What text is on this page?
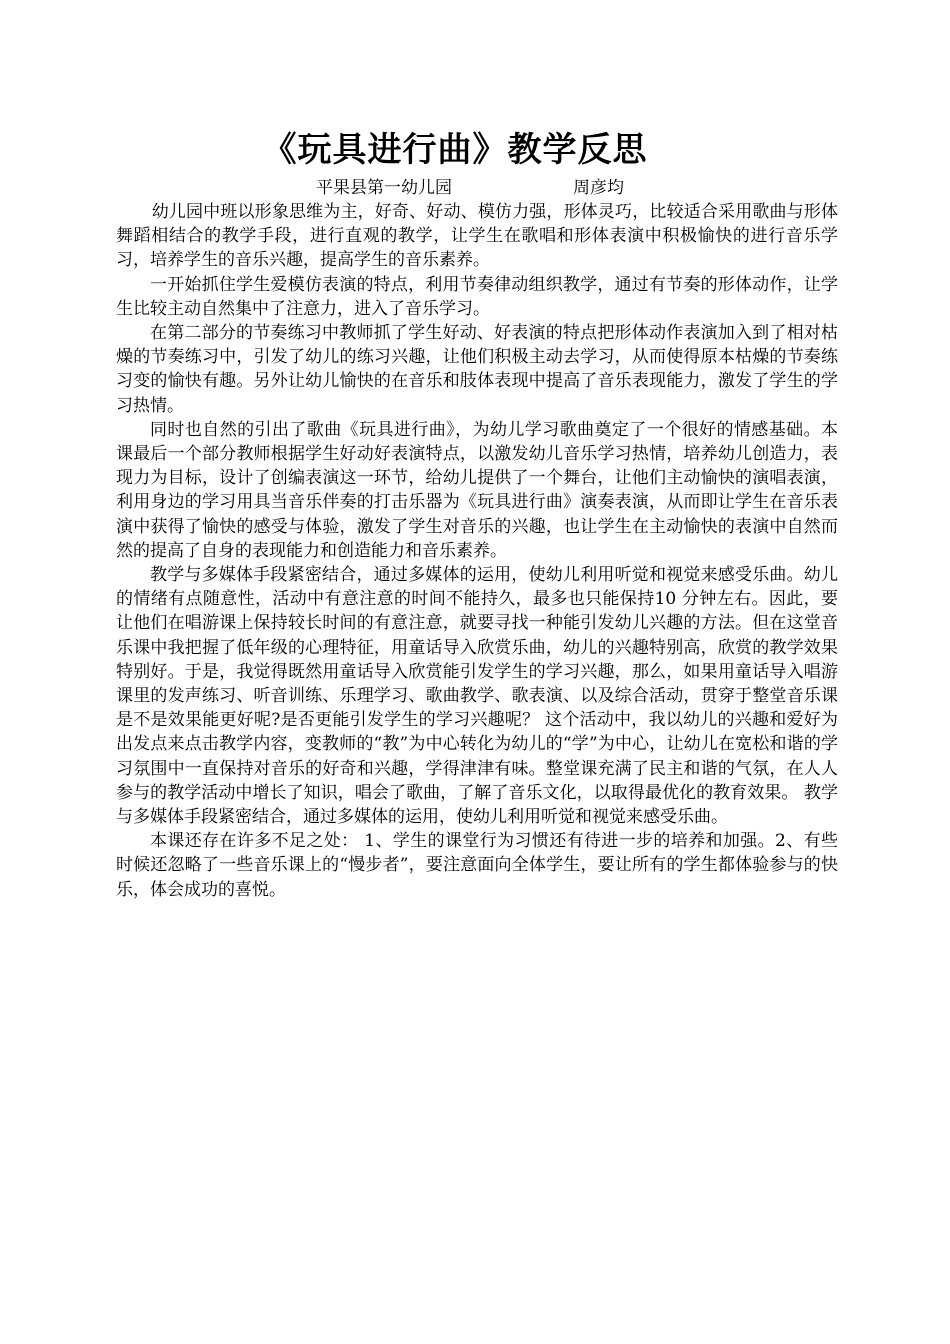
《玩具进行曲》教学反思
平果县第一幼儿园	周彦均

幼儿园中班以形象思维为主，好奇、好动、模仿力强，形体灵巧，比较适合采用歌曲与形体舞蹈相结合的教学手段，进行直观的教学，让学生在歌唱和形体表演中积极愉快的进行音乐学习，培养学生的音乐兴趣，提高学生的音乐素养。

一开始抓住学生爱模仿表演的特点，利用节奏律动组织教学，通过有节奏的形体动作，让学生比较主动自然集中了注意力，进入了音乐学习。

在第二部分的节奏练习中教师抓了学生好动、好表演的特点把形体动作表演加入到了相对枯燥的节奏练习中，引发了幼儿的练习兴趣，让他们积极主动去学习，从而使得原本枯燥的节奏练习变的愉快有趣。另外让幼儿愉快的在音乐和肢体表现中提高了音乐表现能力，激发了学生的学习热情。

同时也自然的引出了歌曲《玩具进行曲》，为幼儿学习歌曲奠定了一个很好的情感基础。本课最后一个部分教师根据学生好动好表演特点，以激发幼儿音乐学习热情，培养幼儿创造力，表现力为目标，设计了创编表演这一环节，给幼儿提供了一个舞台，让他们主动愉快的演唱表演，利用身边的学习用具当音乐伴奏的打击乐器为《玩具进行曲》演奏表演，从而即让学生在音乐表演中获得了愉快的感受与体验，激发了学生对音乐的兴趣，也让学生在主动愉快的表演中自然而然的提高了自身的表现能力和创造能力和音乐素养。

教学与多媒体手段紧密结合，通过多媒体的运用，使幼儿利用听觉和视觉来感受乐曲。幼儿的情绪有点随意性，活动中有意注意的时间不能持久，最多也只能保持10 分钟左右。因此，要让他们在唱游课上保持较长时间的有意注意，就要寻找一种能引发幼儿兴趣的方法。但在这堂音乐课中我把握了低年级的心理特征，用童话导入欣赏乐曲，幼儿的兴趣特别高，欣赏的教学效果特别好。于是，我觉得既然用童话导入欣赏能引发学生的学习兴趣，那么，如果用童话导入唱游课里的发声练习、听音训练、乐理学习、歌曲教学、歌表演、以及综合活动，贯穿于整堂音乐课是不是效果能更好呢?是否更能引发学生的学习兴趣呢？ 这个活动中，我以幼儿的兴趣和爱好为出发点来点击教学内容，变教师的“教”为中心转化为幼儿的“学”为中心，让幼儿在宽松和谐的学习氛围中一直保持对音乐的好奇和兴趣，学得津津有味。整堂课充满了民主和谐的气氛，在人人参与的教学活动中增长了知识，唱会了歌曲，了解了音乐文化，以取得最优化的教育效果。 教学与多媒体手段紧密结合，通过多媒体的运用，使幼儿利用听觉和视觉来感受乐曲。

本课还存在许多不足之处： 1、学生的课堂行为习惯还有待进一步的培养和加强。2、有些时候还忽略了一些音乐课上的“慢步者”，要注意面向全体学生，要让所有的学生都体验参与的快乐，体会成功的喜悦。
